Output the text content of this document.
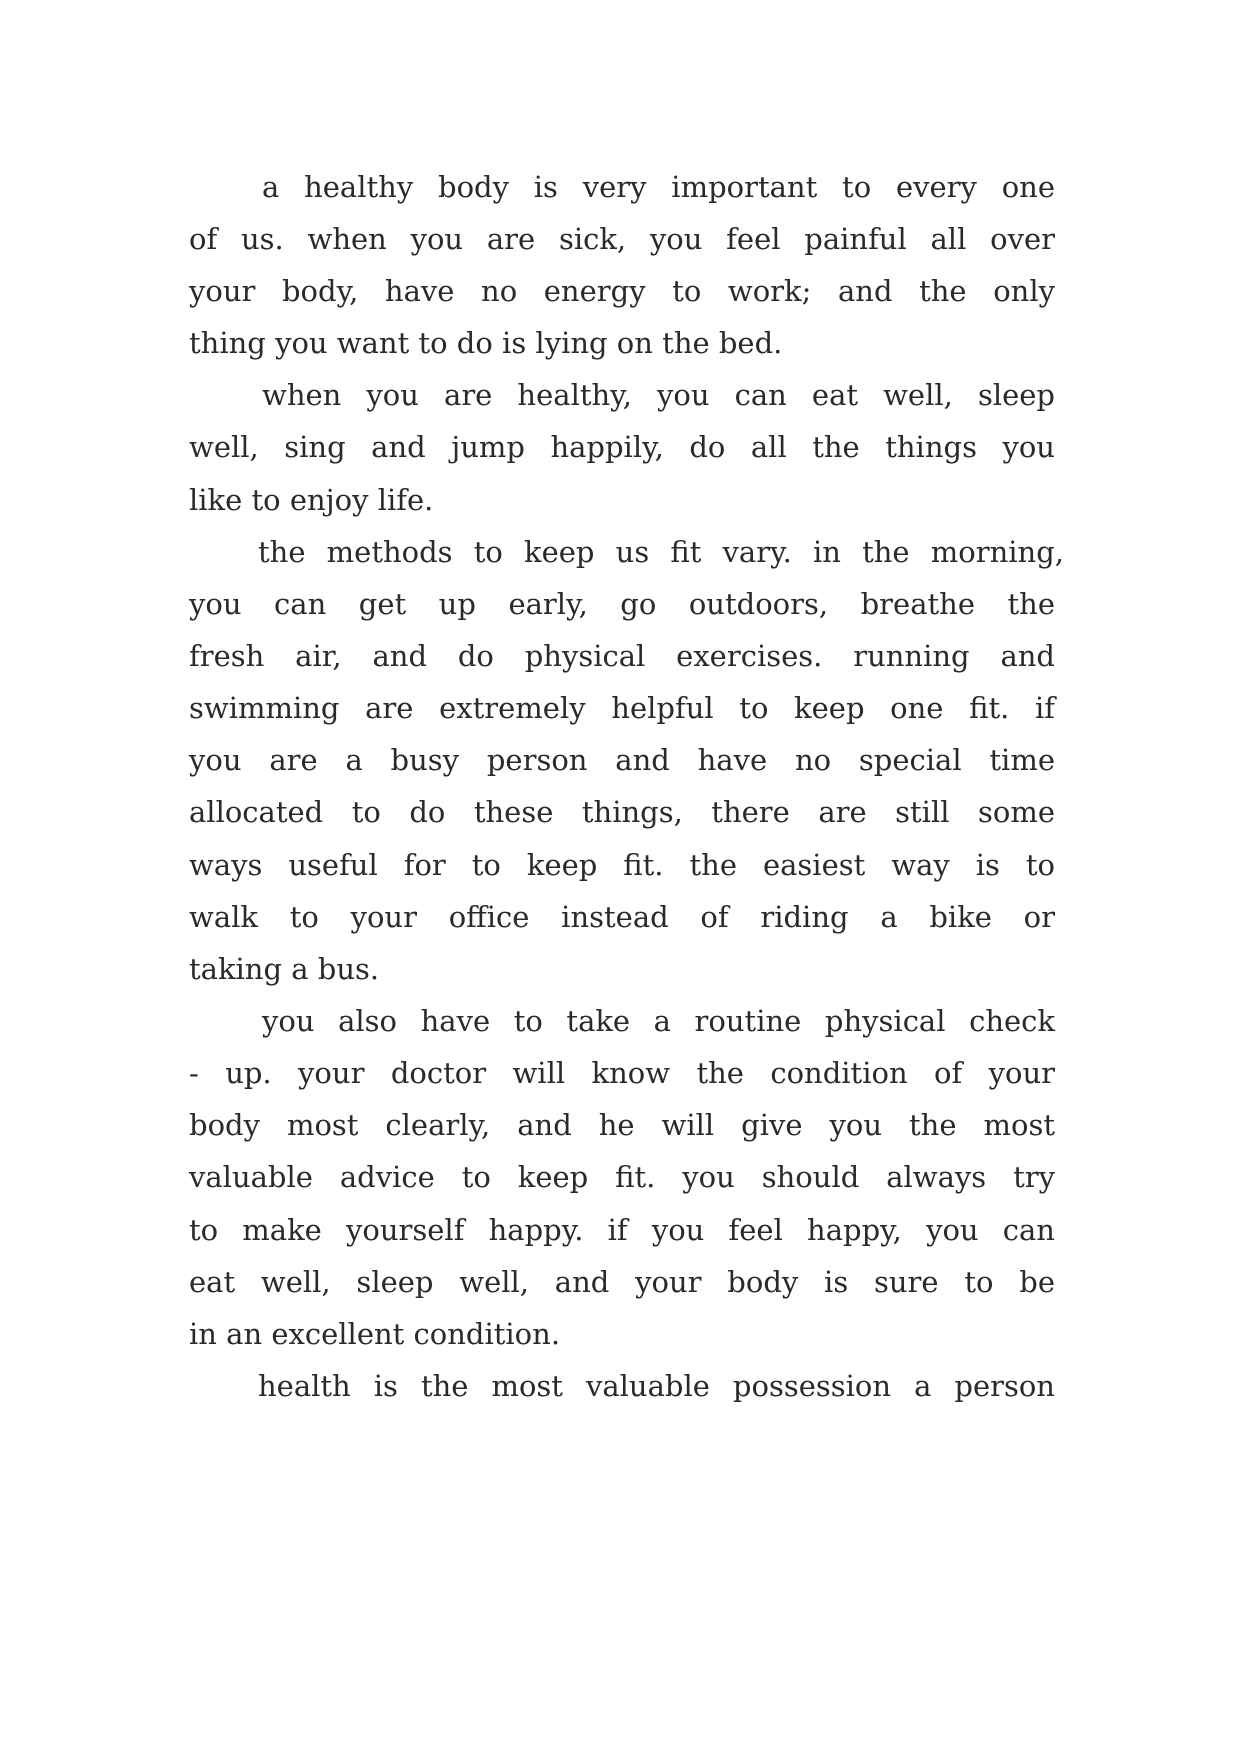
a healthy body is very important to every one
of us. when you are sick, you feel painful all over
your body, have no energy to work; and the only
thing you want to do is lying on the bed.
when you are healthy, you can eat well, sleep
well, sing and jump happily, do all the things you
like to enjoy life.
the methods to keep us fit vary. in the morning,
you can get up early, go outdoors, breathe the
fresh air, and do physical exercises. running and
swimming are extremely helpful to keep one fit. if
you are a busy person and have no special time
allocated to do these things, there are still some
ways useful for to keep fit. the easiest way is to
walk to your office instead of riding a bike or
taking a bus.
you also have to take a routine physical check
- up. your doctor will know the condition of your
body most clearly, and he will give you the most
valuable advice to keep fit. you should always try
to make yourself happy. if you feel happy, you can
eat well, sleep well, and your body is sure to be
in an excellent condition.
health is the most valuable possession a person
